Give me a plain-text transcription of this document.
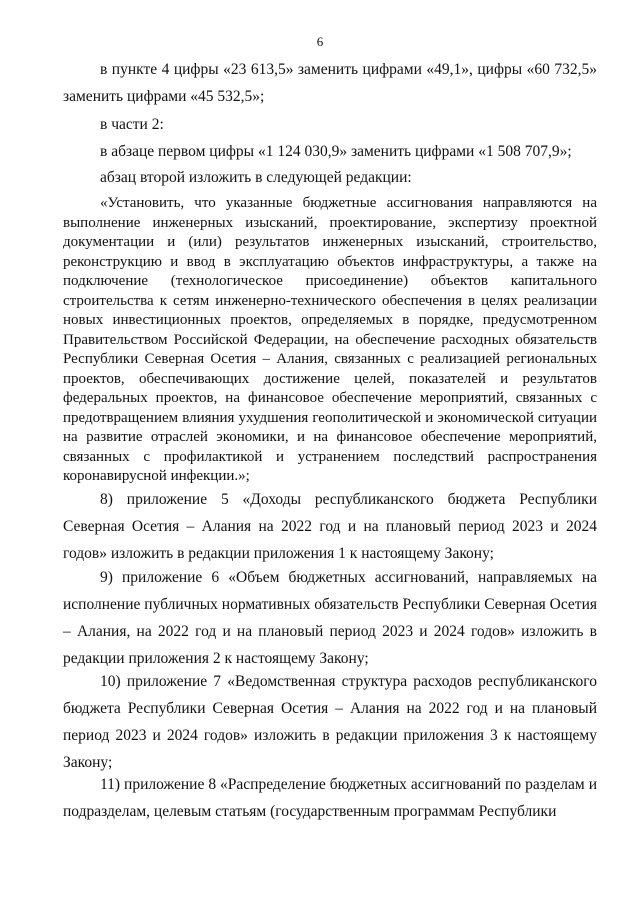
6

в пункте 4 цифры «23 613,5» заменить цифрами «49,1», цифры «60 732,5» заменить цифрами «45 532,5»;

в части 2:

в абзаце первом цифры «1 124 030,9» заменить цифрами «1 508 707,9»;

абзац второй изложить в следующей редакции:

«Установить, что указанные бюджетные ассигнования направляются на выполнение инженерных изысканий, проектирование, экспертизу проектной документации и (или) результатов инженерных изысканий, строительство, реконструкцию и ввод в эксплуатацию объектов инфраструктуры, а также на подключение (технологическое присоединение) объектов капитального строительства к сетям инженерно-технического обеспечения в целях реализации новых инвестиционных проектов, определяемых в порядке, предусмотренном Правительством Российской Федерации, на обеспечение расходных обязательств Республики Северная Осетия – Алания, связанных с реализацией региональных проектов, обеспечивающих достижение целей, показателей и результатов федеральных проектов, на финансовое обеспечение мероприятий, связанных с предотвращением влияния ухудшения геополитической и экономической ситуации на развитие отраслей экономики, и на финансовое обеспечение мероприятий, связанных с профилактикой и устранением последствий распространения коронавирусной инфекции.»;

8) приложение 5 «Доходы республиканского бюджета Республики Северная Осетия – Алания на 2022 год и на плановый период 2023 и 2024 годов» изложить в редакции приложения 1 к настоящему Закону;

9) приложение 6 «Объем бюджетных ассигнований, направляемых на исполнение публичных нормативных обязательств Республики Северная Осетия – Алания, на 2022 год и на плановый период 2023 и 2024 годов» изложить в редакции приложения 2 к настоящему Закону;

10) приложение 7 «Ведомственная структура расходов республиканского бюджета Республики Северная Осетия – Алания на 2022 год и на плановый период 2023 и 2024 годов» изложить в редакции приложения 3 к настоящему Закону;

11) приложение 8 «Распределение бюджетных ассигнований по разделам и подразделам, целевым статьям (государственным программам Республики
